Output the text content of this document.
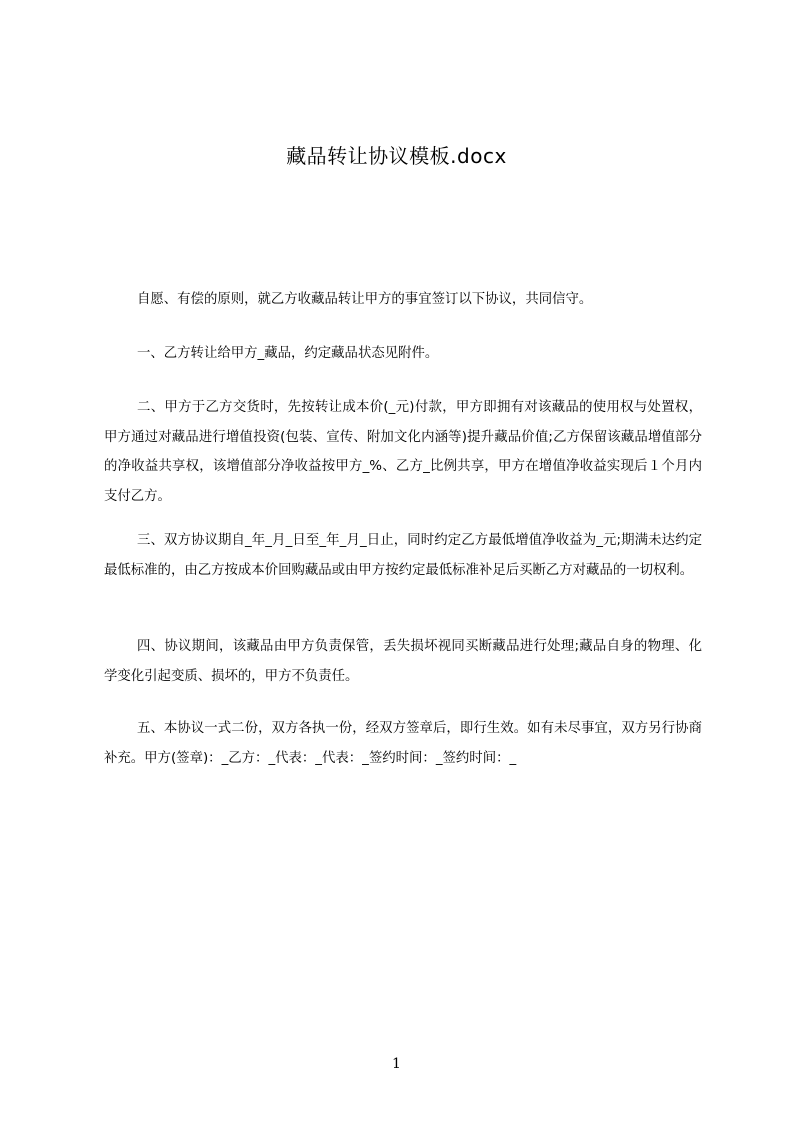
藏品转让协议模板.docx
自愿、有偿的原则，就乙方收藏品转让甲方的事宜签订以下协议，共同信守。
一、乙方转让给甲方_藏品，约定藏品状态见附件。
二、甲方于乙方交货时，先按转让成本价(_元)付款，甲方即拥有对该藏品的使用权与处置权，甲方通过对藏品进行增值投资(包装、宣传、附加文化内涵等)提升藏品价值;乙方保留该藏品增值部分的净收益共享权，该增值部分净收益按甲方_%、乙方_比例共享，甲方在增值净收益实现后１个月内支付乙方。
三、双方协议期自_年_月_日至_年_月_日止，同时约定乙方最低增值净收益为_元;期满未达约定最低标准的，由乙方按成本价回购藏品或由甲方按约定最低标准补足后买断乙方对藏品的一切权利。
四、协议期间，该藏品由甲方负责保管，丢失损坏视同买断藏品进行处理;藏品自身的物理、化学变化引起变质、损坏的，甲方不负责任。
五、本协议一式二份，双方各执一份，经双方签章后，即行生效。如有未尽事宜，双方另行协商补充。甲方(签章)：_乙方：_代表：_代表：_签约时间：_签约时间：_
1
